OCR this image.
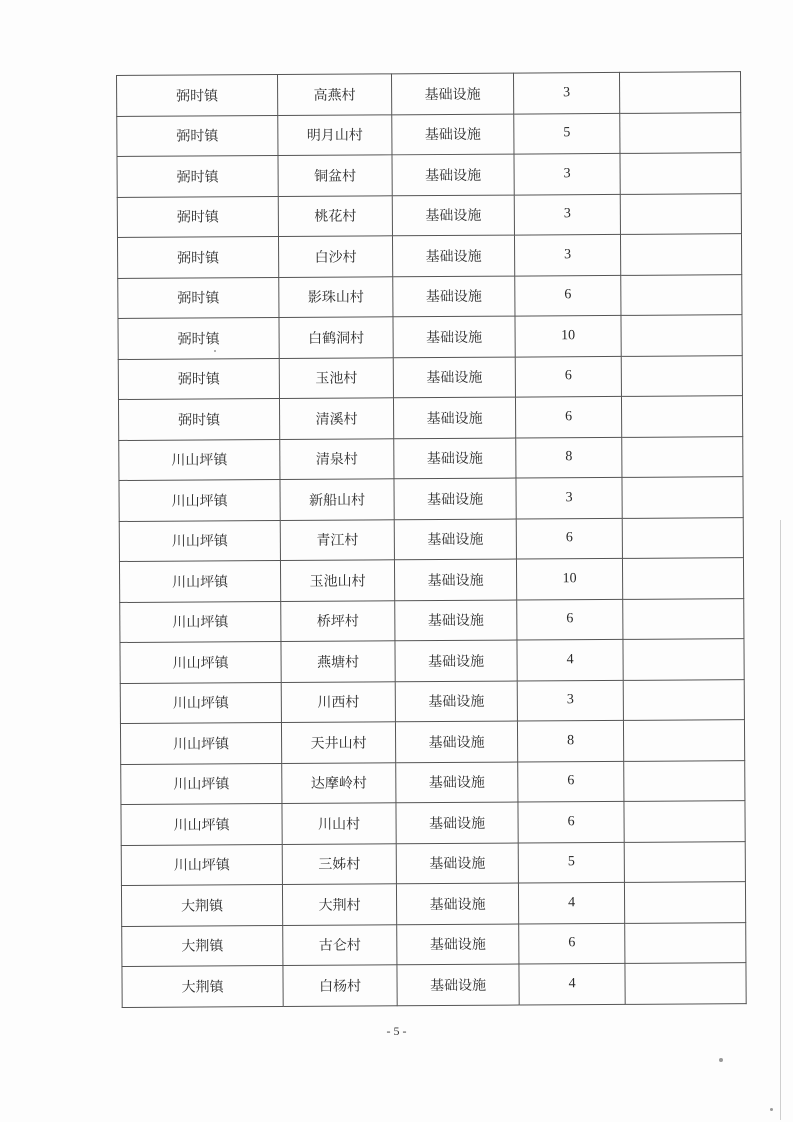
弼时镇	高燕村	基础设施	3	
弼时镇	明月山村	基础设施	5	
弼时镇	铜盆村	基础设施	3	
弼时镇	桃花村	基础设施	3	
弼时镇	白沙村	基础设施	3	
弼时镇	影珠山村	基础设施	6	
弼时镇	白鹤洞村	基础设施	10	
弼时镇	玉池村	基础设施	6	
弼时镇	清溪村	基础设施	6	
川山坪镇	清泉村	基础设施	8	
川山坪镇	新船山村	基础设施	3	
川山坪镇	青江村	基础设施	6	
川山坪镇	玉池山村	基础设施	10	
川山坪镇	桥坪村	基础设施	6	
川山坪镇	燕塘村	基础设施	4	
川山坪镇	川西村	基础设施	3	
川山坪镇	天井山村	基础设施	8	
川山坪镇	达摩岭村	基础设施	6	
川山坪镇	川山村	基础设施	6	
川山坪镇	三姊村	基础设施	5	
大荆镇	大荆村	基础设施	4	
大荆镇	古仑村	基础设施	6	
大荆镇	白杨村	基础设施	4	
- 5 -
